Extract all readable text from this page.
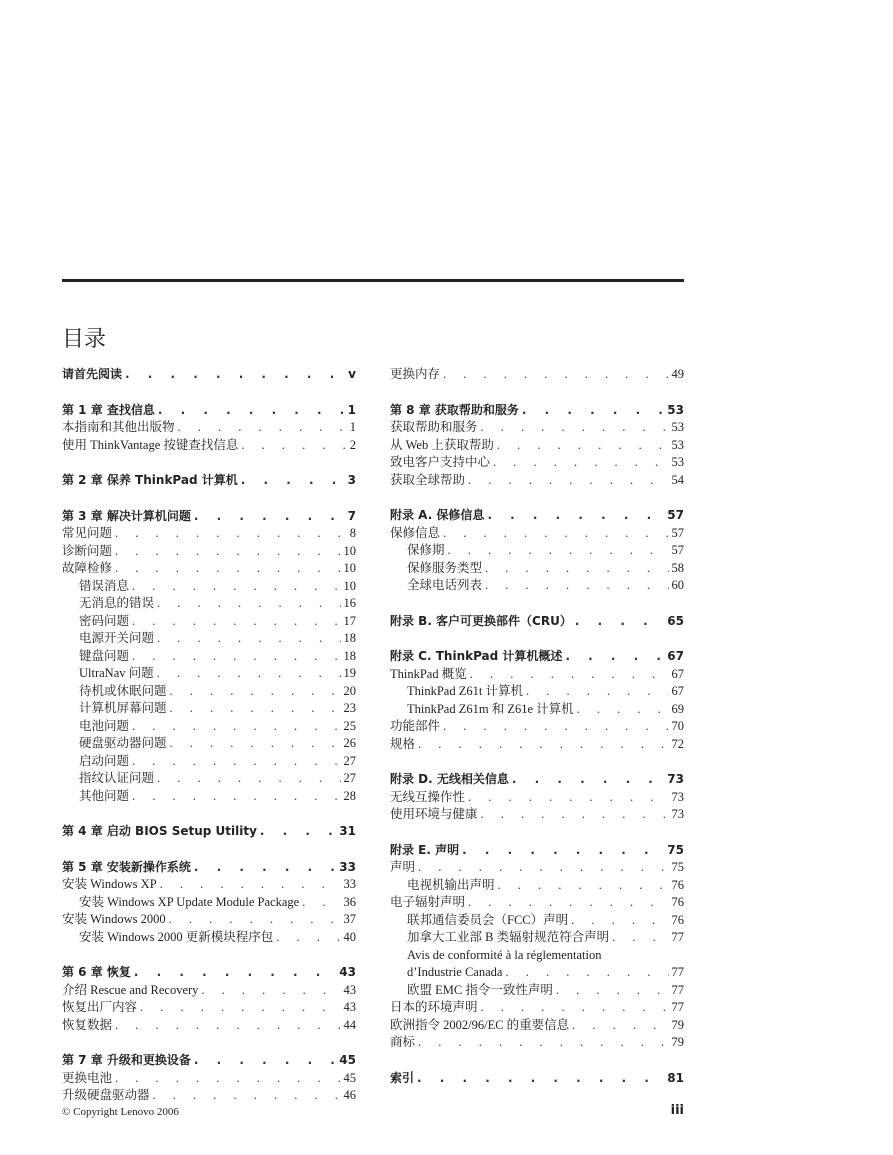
目录
请首先阅读 . . .	v
第 1 章 查找信息 . . .	1
本指南和其他出版物 . . .	1
使用 ThinkVantage 按键查找信息 . . .	2
第 2 章 保养 ThinkPad 计算机 . . .	3
第 3 章 解决计算机问题 . . .	7
常见问题 . . .	8
诊断问题 . . .	10
故障检修 . . .	10
错误消息 . . .	10
无消息的错误 . . .	16
密码问题 . . .	17
电源开关问题 . . .	18
键盘问题 . . .	18
UltraNav 问题 . . .	19
待机或休眠问题 . . .	20
计算机屏幕问题 . . .	23
电池问题 . . .	25
硬盘驱动器问题 . . .	26
启动问题 . . .	27
指纹认证问题 . . .	27
其他问题 . . .	28
第 4 章 启动 BIOS Setup Utility . . .	31
第 5 章 安装新操作系统 . . .	33
安装 Windows XP . . .	33
安装 Windows XP Update Module Package . . .	36
安装 Windows 2000 . . .	37
安装 Windows 2000 更新模块程序包 . . .	40
第 6 章 恢复 . . .	43
介绍 Rescue and Recovery . . .	43
恢复出厂内容 . . .	43
恢复数据 . . .	44
第 7 章 升级和更换设备 . . .	45
更换电池 . . .	45
升级硬盘驱动器 . . .	46
更换内存 . . .	49
第 8 章 获取帮助和服务 . . .	53
获取帮助和服务 . . .	53
从 Web 上获取帮助 . . .	53
致电客户支持中心 . . .	53
获取全球帮助 . . .	54
附录 A. 保修信息 . . .	57
保修信息 . . .	57
保修期 . . .	57
保修服务类型 . . .	58
全球电话列表 . . .	60
附录 B. 客户可更换部件（CRU） . . .	65
附录 C. ThinkPad 计算机概述 . . .	67
ThinkPad 概览 . . .	67
ThinkPad Z61t 计算机 . . .	67
ThinkPad Z61m 和 Z61e 计算机 . . .	69
功能部件 . . .	70
规格 . . .	72
附录 D. 无线相关信息 . . .	73
无线互操作性 . . .	73
使用环境与健康 . . .	73
附录 E. 声明 . . .	75
声明 . . .	75
电视机输出声明 . . .	76
电子辐射声明 . . .	76
联邦通信委员会（FCC）声明 . . .	76
加拿大工业部 B 类辐射规范符合声明 . . .	77
Avis de conformité à la réglementation
d’Industrie Canada . . .	77
欧盟 EMC 指令一致性声明 . . .	77
日本的环境声明 . . .	77
欧洲指令 2002/96/EC 的重要信息 . . .	79
商标 . . .	79
索引 . . .	81
© Copyright Lenovo 2006	iii
